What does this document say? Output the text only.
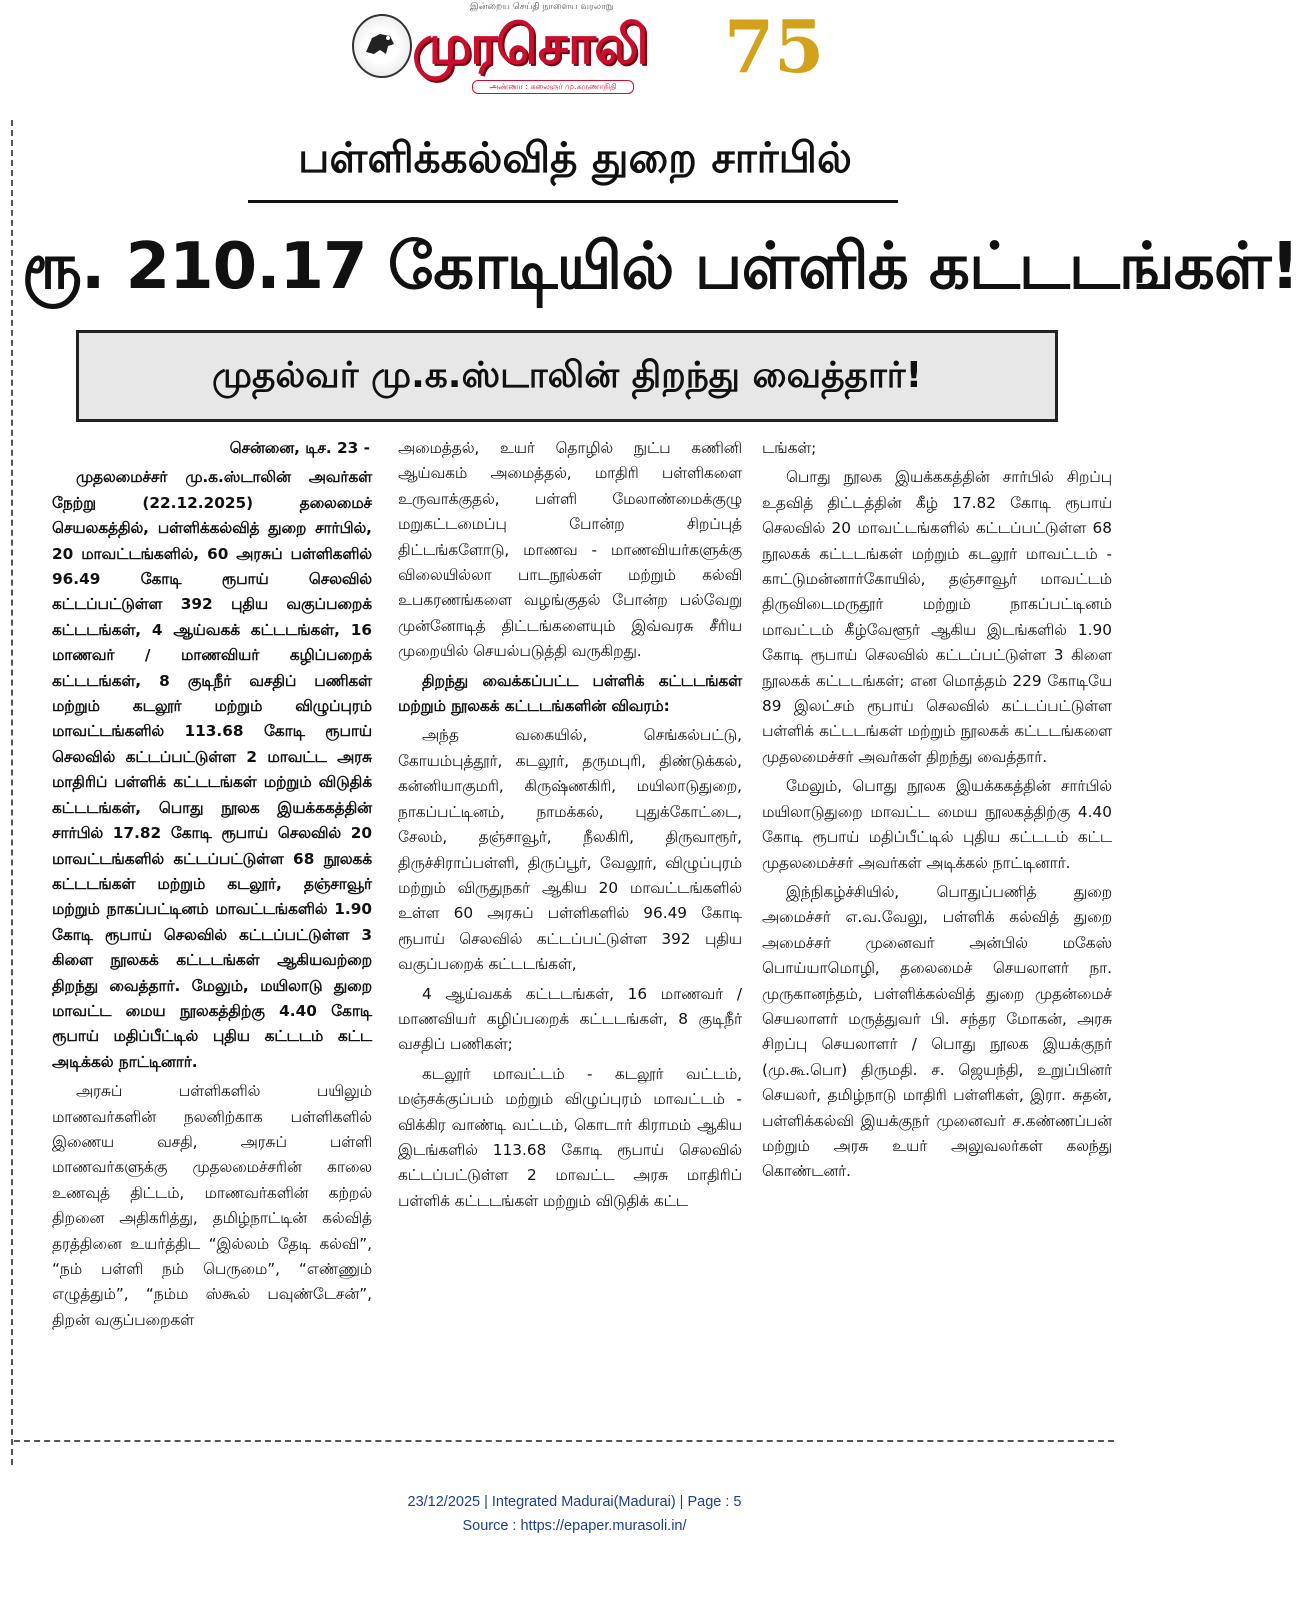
இன்றைய செய்தி நாளைய வரலாறு
முரசொலி
அண்ணா : கலைஞர் மு.கருணாநிதி 75
பள்ளிக்கல்வித் துறை சார்பில்
ரூ. 210.17 கோடியில் பள்ளிக் கட்டடங்கள்!
முதல்வர் மு.க.ஸ்டாலின் திறந்து வைத்தார்!

சென்னை, டிச. 23 -

முதலமைச்சர் மு.க.ஸ்டாலின் அவர்கள் நேற்று (22.12.2025) தலைமைச் செயலகத்தில், பள்ளிக்கல்வித் துறை சார்பில், 20 மாவட்டங்களில், 60 அரசுப் பள்ளிகளில் 96.49 கோடி ரூபாய் செலவில் கட்டப்பட்டுள்ள 392 புதிய வகுப்பறைக் கட்டடங்கள், 4 ஆய்வகக் கட்டடங்கள், 16 மாணவர் / மாணவியர் கழிப்பறைக் கட்டடங்கள், 8 குடிநீர் வசதிப் பணிகள் மற்றும் கடலூர் மற்றும் விழுப்புரம் மாவட்டங்களில் 113.68 கோடி ரூபாய் செலவில் கட்டப்பட்டுள்ள 2 மாவட்ட அரசு மாதிரிப் பள்ளிக் கட்டடங்கள் மற்றும் விடுதிக் கட்டடங்கள், பொது நூலக இயக்ககத்தின் சார்பில் 17.82 கோடி ரூபாய் செலவில் 20 மாவட்டங்களில் கட்டப்பட்டுள்ள 68 நூலகக் கட்டடங்கள் மற்றும் கடலூர், தஞ்சாவூர் மற்றும் நாகப்பட்டினம் மாவட்டங்களில் 1.90 கோடி ரூபாய் செலவில் கட்டப்பட்டுள்ள 3 கிளை நூலகக் கட்டடங்கள் ஆகியவற்றை திறந்து வைத்தார். மேலும், மயிலாடு துறை மாவட்ட மைய நூலகத்திற்கு 4.40 கோடி ரூபாய் மதிப்பீட்டில் புதிய கட்டடம் கட்ட அடிக்கல் நாட்டினார்.

அரசுப் பள்ளிகளில் பயிலும் மாணவர்களின் நலனிற்காக பள்ளிகளில் இணைய வசதி, அரசுப் பள்ளி மாணவர்களுக்கு முதலமைச்சரின் காலை உணவுத் திட்டம், மாணவர்களின் கற்றல் திறனை அதிகரித்து, தமிழ்நாட்டின் கல்வித் தரத்தினை உயர்த்திட “இல்லம் தேடி கல்வி”, “நம் பள்ளி நம் பெருமை”, “எண்ணும் எழுத்தும்”, “நம்ம ஸ்கூல் பவுண்டேசன்”, திறன் வகுப்பறைகள்

அமைத்தல், உயர் தொழில் நுட்ப கணினி ஆய்வகம் அமைத்தல், மாதிரி பள்ளிகளை உருவாக்குதல், பள்ளி மேலாண்மைக்குழு மறுகட்டமைப்பு போன்ற சிறப்புத் திட்டங்களோடு, மாணவ - மாணவியர்களுக்கு விலையில்லா பாடநூல்கள் மற்றும் கல்வி உபகரணங்களை வழங்குதல் போன்ற பல்வேறு முன்னோடித் திட்டங்களையும் இவ்வரசு சீரிய முறையில் செயல்படுத்தி வருகிறது.

திறந்து வைக்கப்பட்ட பள்ளிக் கட்டடங்கள் மற்றும் நூலகக் கட்டடங்களின் விவரம்:

அந்த வகையில், செங்கல்பட்டு, கோயம்புத்தூர், கடலூர், தருமபுரி, திண்டுக்கல், கன்னியாகுமரி, கிருஷ்ணகிரி, மயிலாடுதுறை, நாகப்பட்டினம், நாமக்கல், புதுக்கோட்டை, சேலம், தஞ்சாவூர், நீலகிரி, திருவாரூர், திருச்சிராப்பள்ளி, திருப்பூர், வேலூர், விழுப்புரம் மற்றும் விருதுநகர் ஆகிய 20 மாவட்டங்களில் உள்ள 60 அரசுப் பள்ளிகளில் 96.49 கோடி ரூபாய் செலவில் கட்டப்பட்டுள்ள 392 புதிய வகுப்பறைக் கட்டடங்கள்,

4 ஆய்வகக் கட்டடங்கள், 16 மாணவர் / மாணவியர் கழிப்பறைக் கட்டடங்கள், 8 குடிநீர் வசதிப் பணிகள்;

கடலூர் மாவட்டம் - கடலூர் வட்டம், மஞ்சக்குப்பம் மற்றும் விழுப்புரம் மாவட்டம் - விக்கிர வாண்டி வட்டம், கொடார் கிராமம் ஆகிய இடங்களில் 113.68 கோடி ரூபாய் செலவில் கட்டப்பட்டுள்ள 2 மாவட்ட அரசு மாதிரிப் பள்ளிக் கட்டடங்கள் மற்றும் விடுதிக் கட்ட

டங்கள்;

பொது நூலக இயக்ககத்தின் சார்பில் சிறப்பு உதவித் திட்டத்தின் கீழ் 17.82 கோடி ரூபாய் செலவில் 20 மாவட்டங்களில் கட்டப்பட்டுள்ள 68 நூலகக் கட்டடங்கள் மற்றும் கடலூர் மாவட்டம் - காட்டுமன்னார்கோயில், தஞ்சாவூர் மாவட்டம் திருவிடைமருதூர் மற்றும் நாகப்பட்டினம் மாவட்டம் கீழ்வேளூர் ஆகிய இடங்களில் 1.90 கோடி ரூபாய் செலவில் கட்டப்பட்டுள்ள 3 கிளை நூலகக் கட்டடங்கள்; என மொத்தம் 229 கோடியே 89 இலட்சம் ரூபாய் செலவில் கட்டப்பட்டுள்ள பள்ளிக் கட்டடங்கள் மற்றும் நூலகக் கட்டடங்களை முதலமைச்சர் அவர்கள் திறந்து வைத்தார்.

மேலும், பொது நூலக இயக்ககத்தின் சார்பில் மயிலாடுதுறை மாவட்ட மைய நூலகத்திற்கு 4.40 கோடி ரூபாய் மதிப்பீட்டில் புதிய கட்டடம் கட்ட முதலமைச்சர் அவர்கள் அடிக்கல் நாட்டினார்.

இந்நிகழ்ச்சியில், பொதுப்பணித் துறை அமைச்சர் எ.வ.வேலு, பள்ளிக் கல்வித் துறை அமைச்சர் முனைவர் அன்பில் மகேஸ் பொய்யாமொழி, தலைமைச் செயலாளர் நா. முருகானந்தம், பள்ளிக்கல்வித் துறை முதன்மைச் செயலாளர் மருத்துவர் பி. சந்தர மோகன், அரசு சிறப்பு செயலாளர் / பொது நூலக இயக்குநர் (மு.கூ.பொ) திருமதி. ச. ஜெயந்தி, உறுப்பினர் செயலர், தமிழ்நாடு மாதிரி பள்ளிகள், இரா. சுதன், பள்ளிக்கல்வி இயக்குநர் முனைவர் ச.கண்ணப்பன் மற்றும் அரசு உயர் அலுவலர்கள் கலந்து கொண்டனர்.

23/12/2025 | Integrated Madurai(Madurai) | Page : 5
Source : https://epaper.murasoli.in/
